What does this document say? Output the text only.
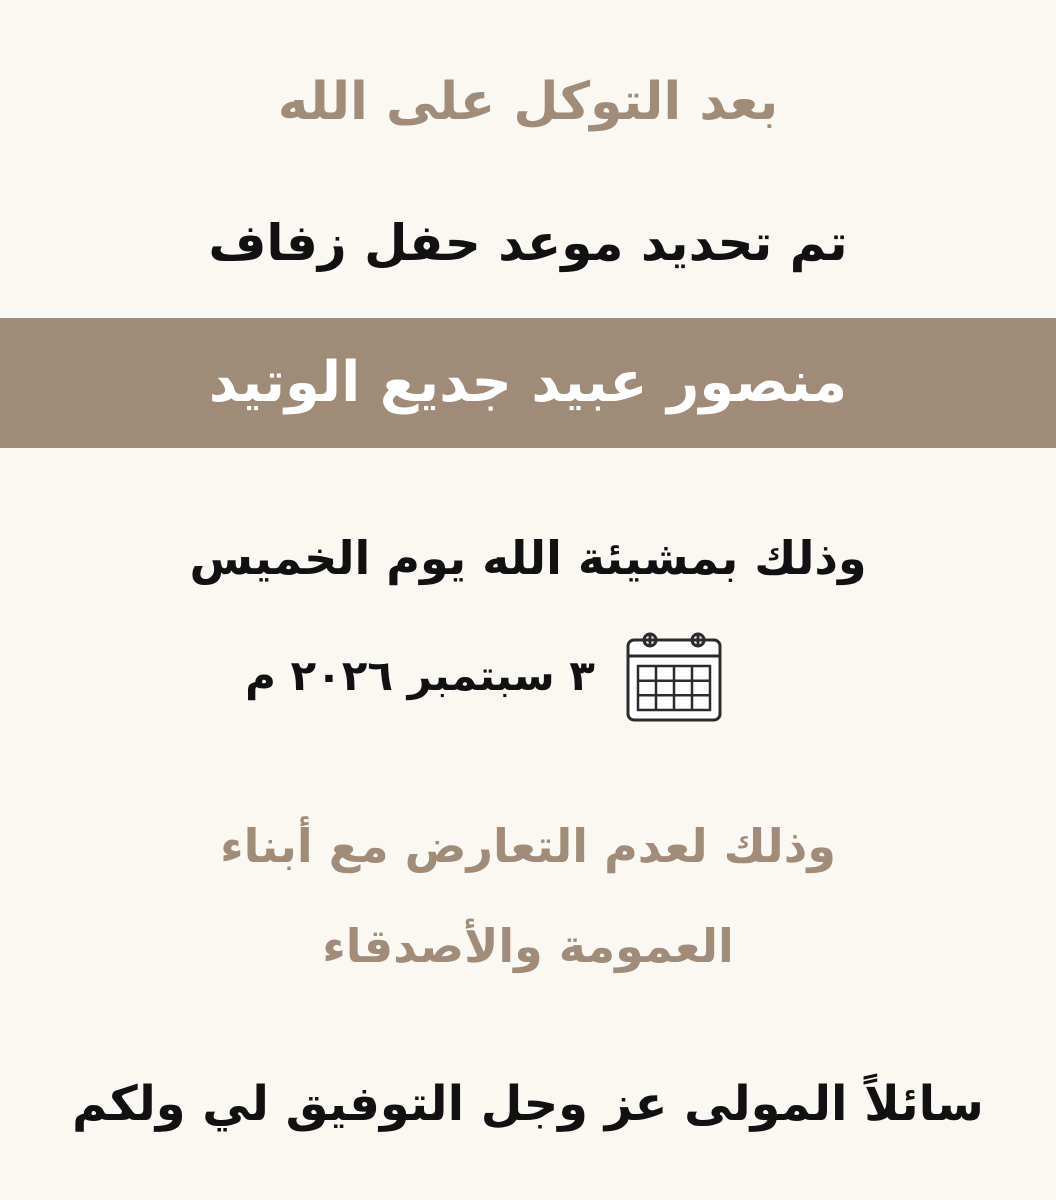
بعد التوكل على الله
تم تحديد موعد حفل زفاف
منصور عبيد جديع الوتيد
وذلك بمشيئة الله يوم الخميس
٣ سبتمبر ٢٠٢٦ م
وذلك لعدم التعارض مع أبناء
العمومة والأصدقاء
سائلاً المولى عز وجل التوفيق لي ولكم
